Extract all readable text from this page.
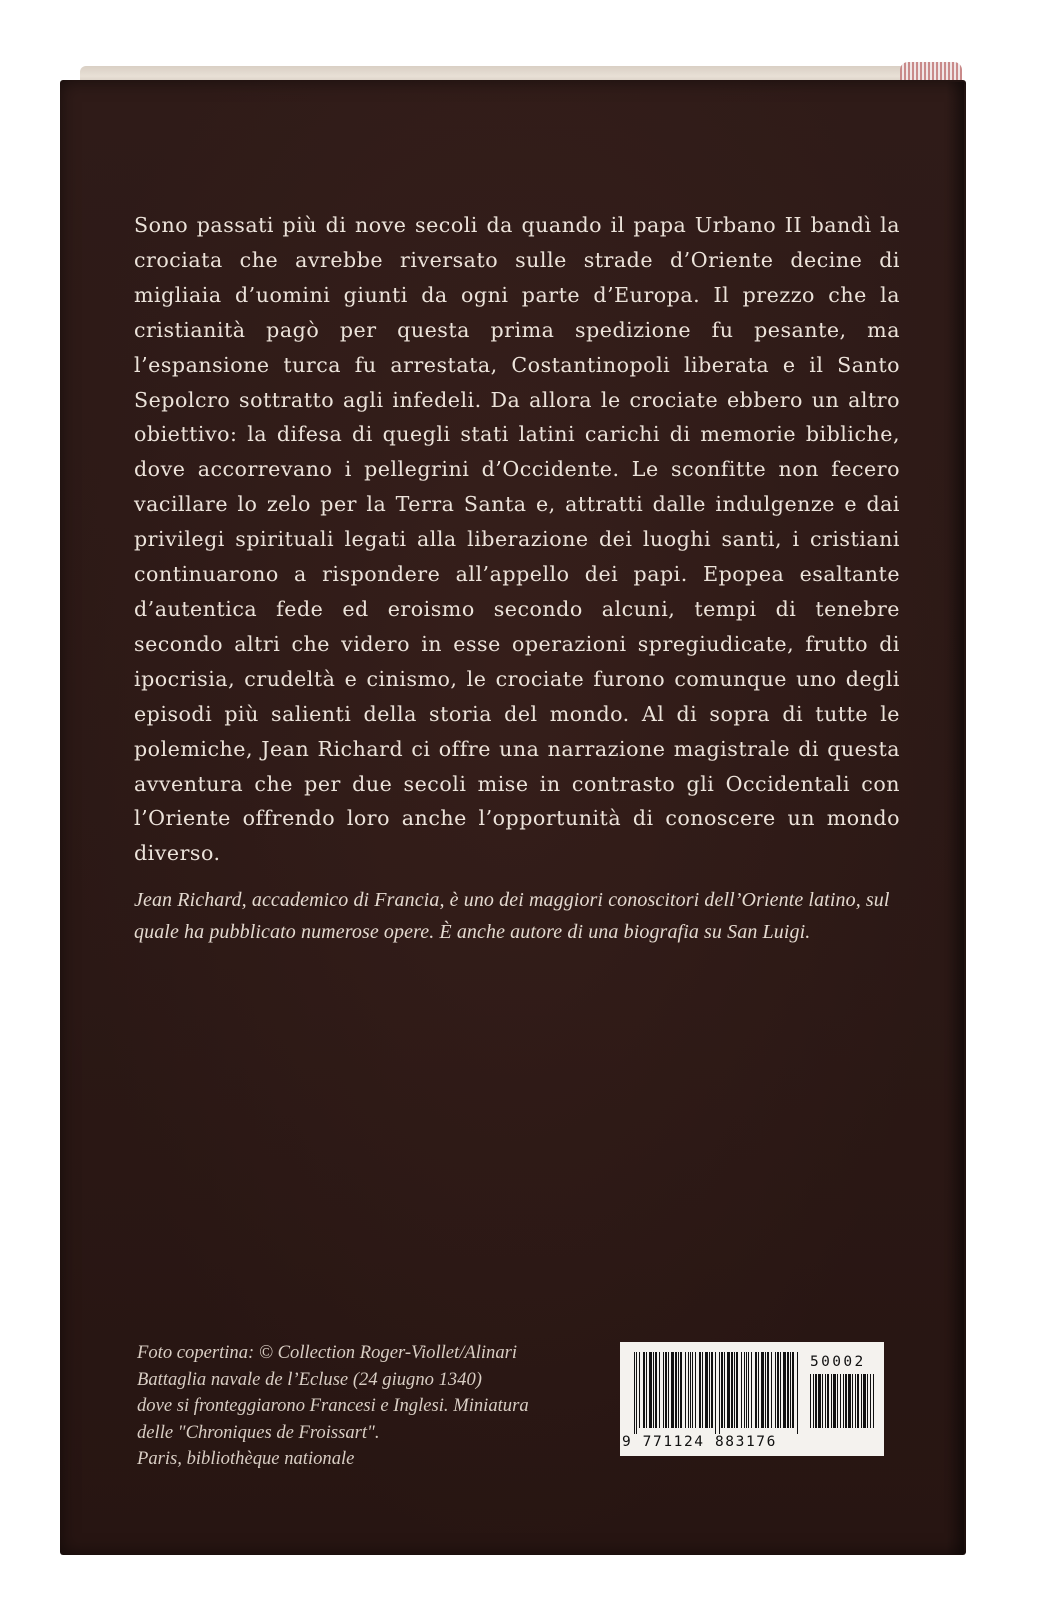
Sono passati più di nove secoli da quando il papa Urbano II bandì la crociata che avrebbe riversato sulle strade d’Oriente decine di migliaia d’uomini giunti da ogni parte d’Europa. Il prezzo che la cristianità pagò per questa prima spedizione fu pesante, ma l’espansione turca fu arrestata, Costantinopoli liberata e il Santo Sepolcro sottratto agli infedeli. Da allora le crociate ebbero un altro obiettivo: la difesa di quegli stati latini carichi di memorie bibliche, dove accorrevano i pellegrini d’Occidente. Le sconfitte non fecero vacillare lo zelo per la Terra Santa e, attratti dalle indulgenze e dai privilegi spirituali legati alla liberazione dei luoghi santi, i cristiani continuarono a rispondere all’appello dei papi. Epopea esaltante d’autentica fede ed eroismo secondo alcuni, tempi di tenebre secondo altri che videro in esse operazioni spregiudicate, frutto di ipocrisia, crudeltà e cinismo, le crociate furono comunque uno degli episodi più salienti della storia del mondo. Al di sopra di tutte le polemiche, Jean Richard ci offre una narrazione magistrale di questa avventura che per due secoli mise in contrasto gli Occidentali con l’Oriente offrendo loro anche l’opportunità di conoscere un mondo diverso.

Jean Richard, accademico di Francia, è uno dei maggiori conoscitori dell’Oriente latino, sul quale ha pubblicato numerose opere. È anche autore di una biografia su San Luigi.

Foto copertina: © Collection Roger-Viollet/Alinari
Battaglia navale de l’Ecluse (24 giugno 1340)
dove si fronteggiarono Francesi e Inglesi. Miniatura
delle "Chroniques de Froissart".
Paris, bibliothèque nationale
9 771124 883176
50002
